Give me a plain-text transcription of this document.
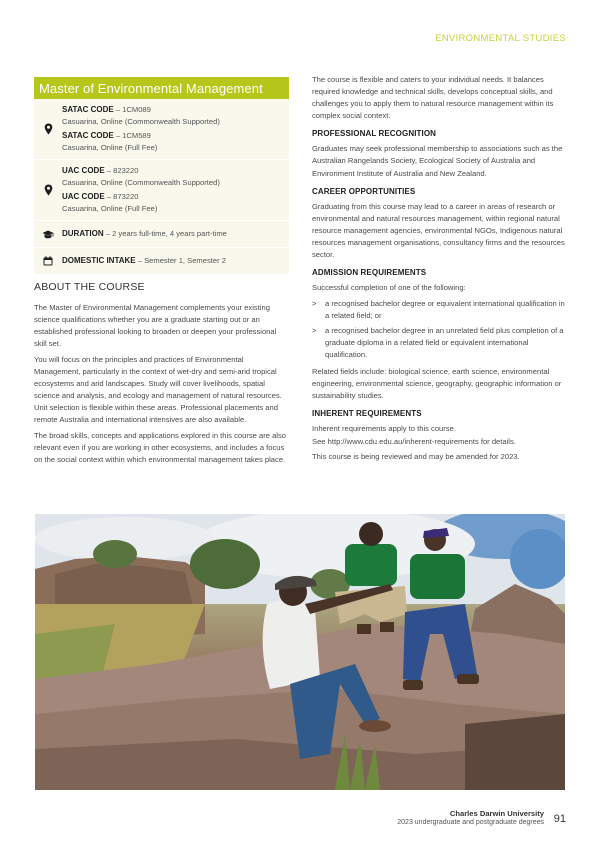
ENVIRONMENTAL STUDIES
Master of Environmental Management
SATAC CODE – 1CM089
Casuarina, Online (Commonwealth Supported)
SATAC CODE – 1CM589
Casuarina, Online (Full Fee)
UAC CODE – 823220
Casuarina, Online (Commonwealth Supported)
UAC CODE – 873220
Casuarina, Online (Full Fee)
DURATION – 2 years full-time, 4 years part-time
DOMESTIC INTAKE – Semester 1, Semester 2
ABOUT THE COURSE

The Master of Environmental Management complements your existing science qualifications whether you are a graduate starting out or an established professional looking to broaden or deepen your professional skill set.

You will focus on the principles and practices of Environmental Management, particularly in the context of wet-dry and semi-arid tropical ecosystems and arid landscapes. Study will cover livelihoods, spatial science and analysis, and ecology and management of natural resources. Unit selection is flexible within these areas. Professional placements and remote Australia and international intensives are also available.

The broad skills, concepts and applications explored in this course are also relevant even if you are working in other ecosystems, and includes a focus on the social context within which environmental management takes place.

The course is flexible and caters to your individual needs. It balances required knowledge and technical skills, develops conceptual skills, and challenges you to apply them to natural resource management within its complex social context.

PROFESSIONAL RECOGNITION

Graduates may seek professional membership to associations such as the Australian Rangelands Society, Ecological Society of Australia and Environment Institute of Australia and New Zealand.

CAREER OPPORTUNITIES

Graduating from this course may lead to a career in areas of research or environmental and natural resources management, within regional natural resource management agencies, environmental NGOs, Indigenous natural resources management organisations, consultancy firms and the resources sector.

ADMISSION REQUIREMENTS

Successful completion of one of the following:

>	a recognised bachelor degree or equivalent international qualification in a related field; or
>	a recognised bachelor degree in an unrelated field plus completion of a graduate diploma in a related field or equivalent international qualification.

Related fields include: biological science, earth science, environmental engineering, environmental science, geography, geographic information or sustainability studies.

INHERENT REQUIREMENTS

Inherent requirements apply to this course.

See http://www.cdu.edu.au/inherent-requirements for details.

This course is being reviewed and may be amended for 2023.

Charles Darwin University
2023 undergraduate and postgraduate degrees 91
